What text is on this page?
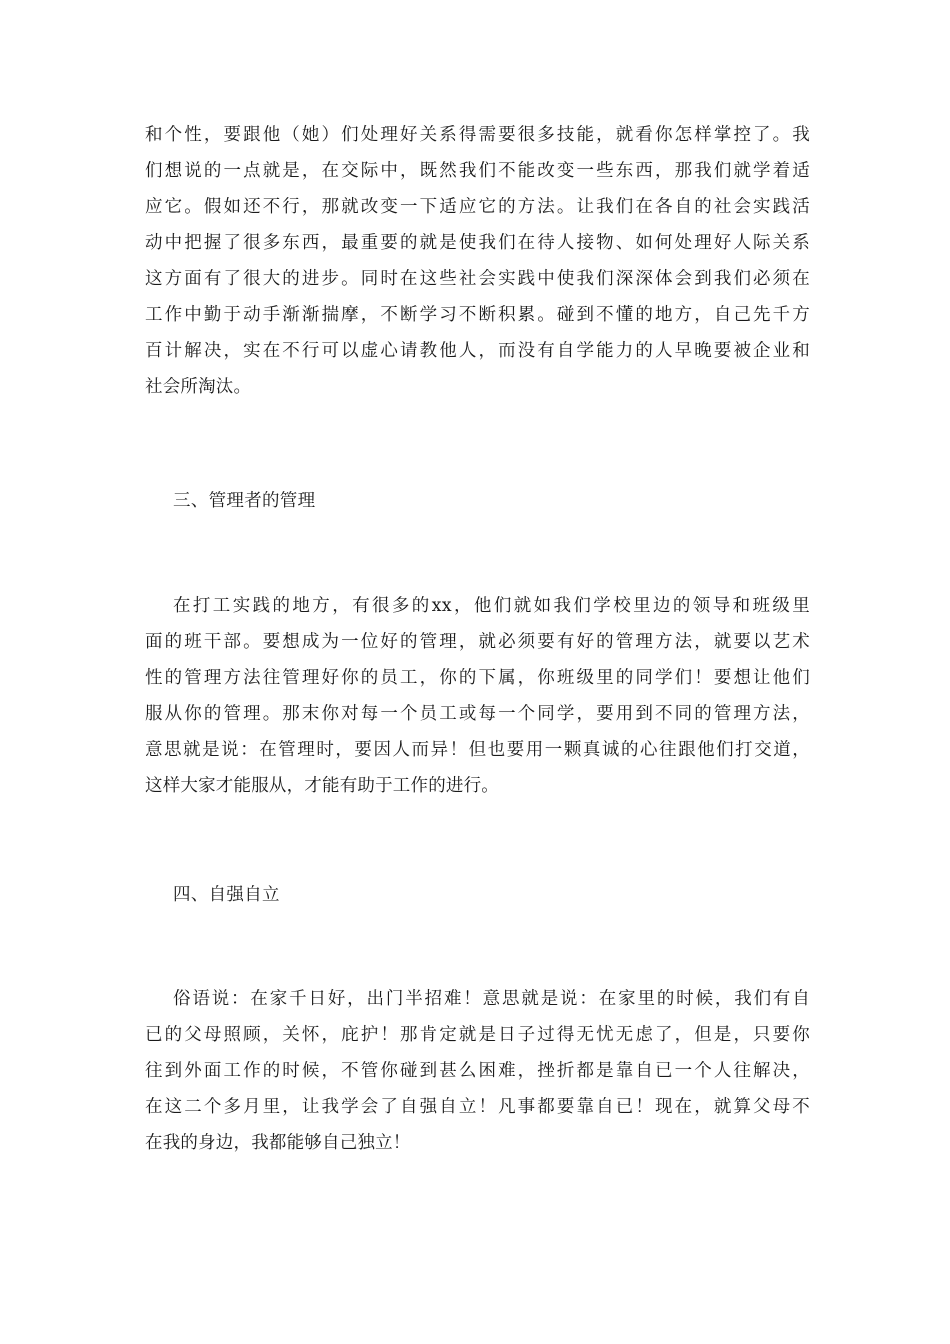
和个性，要跟他（她）们处理好关系得需要很多技能，就看你怎样掌控了。我
们想说的一点就是，在交际中，既然我们不能改变一些东西，那我们就学着适
应它。假如还不行，那就改变一下适应它的方法。让我们在各自的社会实践活
动中把握了很多东西，最重要的就是使我们在待人接物、如何处理好人际关系
这方面有了很大的进步。同时在这些社会实践中使我们深深体会到我们必须在
工作中勤于动手渐渐揣摩，不断学习不断积累。碰到不懂的地方，自己先千方
百计解决，实在不行可以虚心请教他人，而没有自学能力的人早晚要被企业和
社会所淘汰。
三、管理者的管理
在打工实践的地方，有很多的xx，他们就如我们学校里边的领导和班级里
面的班干部。要想成为一位好的管理，就必须要有好的管理方法，就要以艺术
性的管理方法往管理好你的员工，你的下属，你班级里的同学们！要想让他们
服从你的管理。那末你对每一个员工或每一个同学，要用到不同的管理方法，
意思就是说：在管理时，要因人而异！但也要用一颗真诚的心往跟他们打交道，
这样大家才能服从，才能有助于工作的进行。
四、自强自立
俗语说：在家千日好，出门半招难！意思就是说：在家里的时候，我们有自
已的父母照顾，关怀，庇护！那肯定就是日子过得无忧无虑了，但是，只要你
往到外面工作的时候，不管你碰到甚么困难，挫折都是靠自已一个人往解决，
在这二个多月里，让我学会了自强自立！凡事都要靠自已！现在，就算父母不
在我的身边，我都能够自己独立！
